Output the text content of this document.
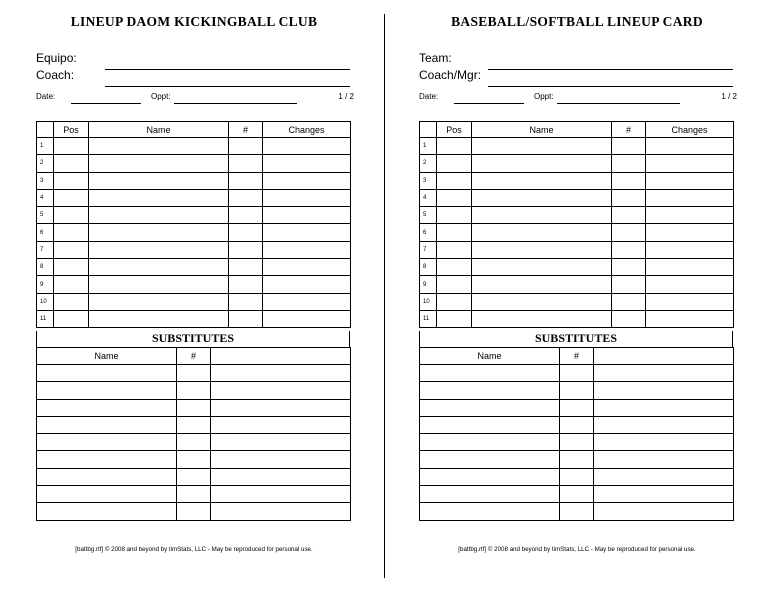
LINEUP DAOM KICKINGBALL CLUB
Equipo:
Coach:
Date:	Oppt:	1 / 2
	Pos	Name	#	Changes
1				
2				
3				
4				
5				
6				
7				
8				
9				
10				
11				
SUBSTITUTES
Name	#	

[battbg.rtf] © 2008 and beyond by timStats, LLC - May be reproduced for personal use.
BASEBALL/SOFTBALL LINEUP CARD
Team:
Coach/Mgr:
Date:	Oppt:	1 / 2
	Pos	Name	#	Changes
1				
2				
3				
4				
5				
6				
7				
8				
9				
10				
11				
SUBSTITUTES
Name	#	

[battbg.rtf] © 2008 and beyond by timStats, LLC - May be reproduced for personal use.
